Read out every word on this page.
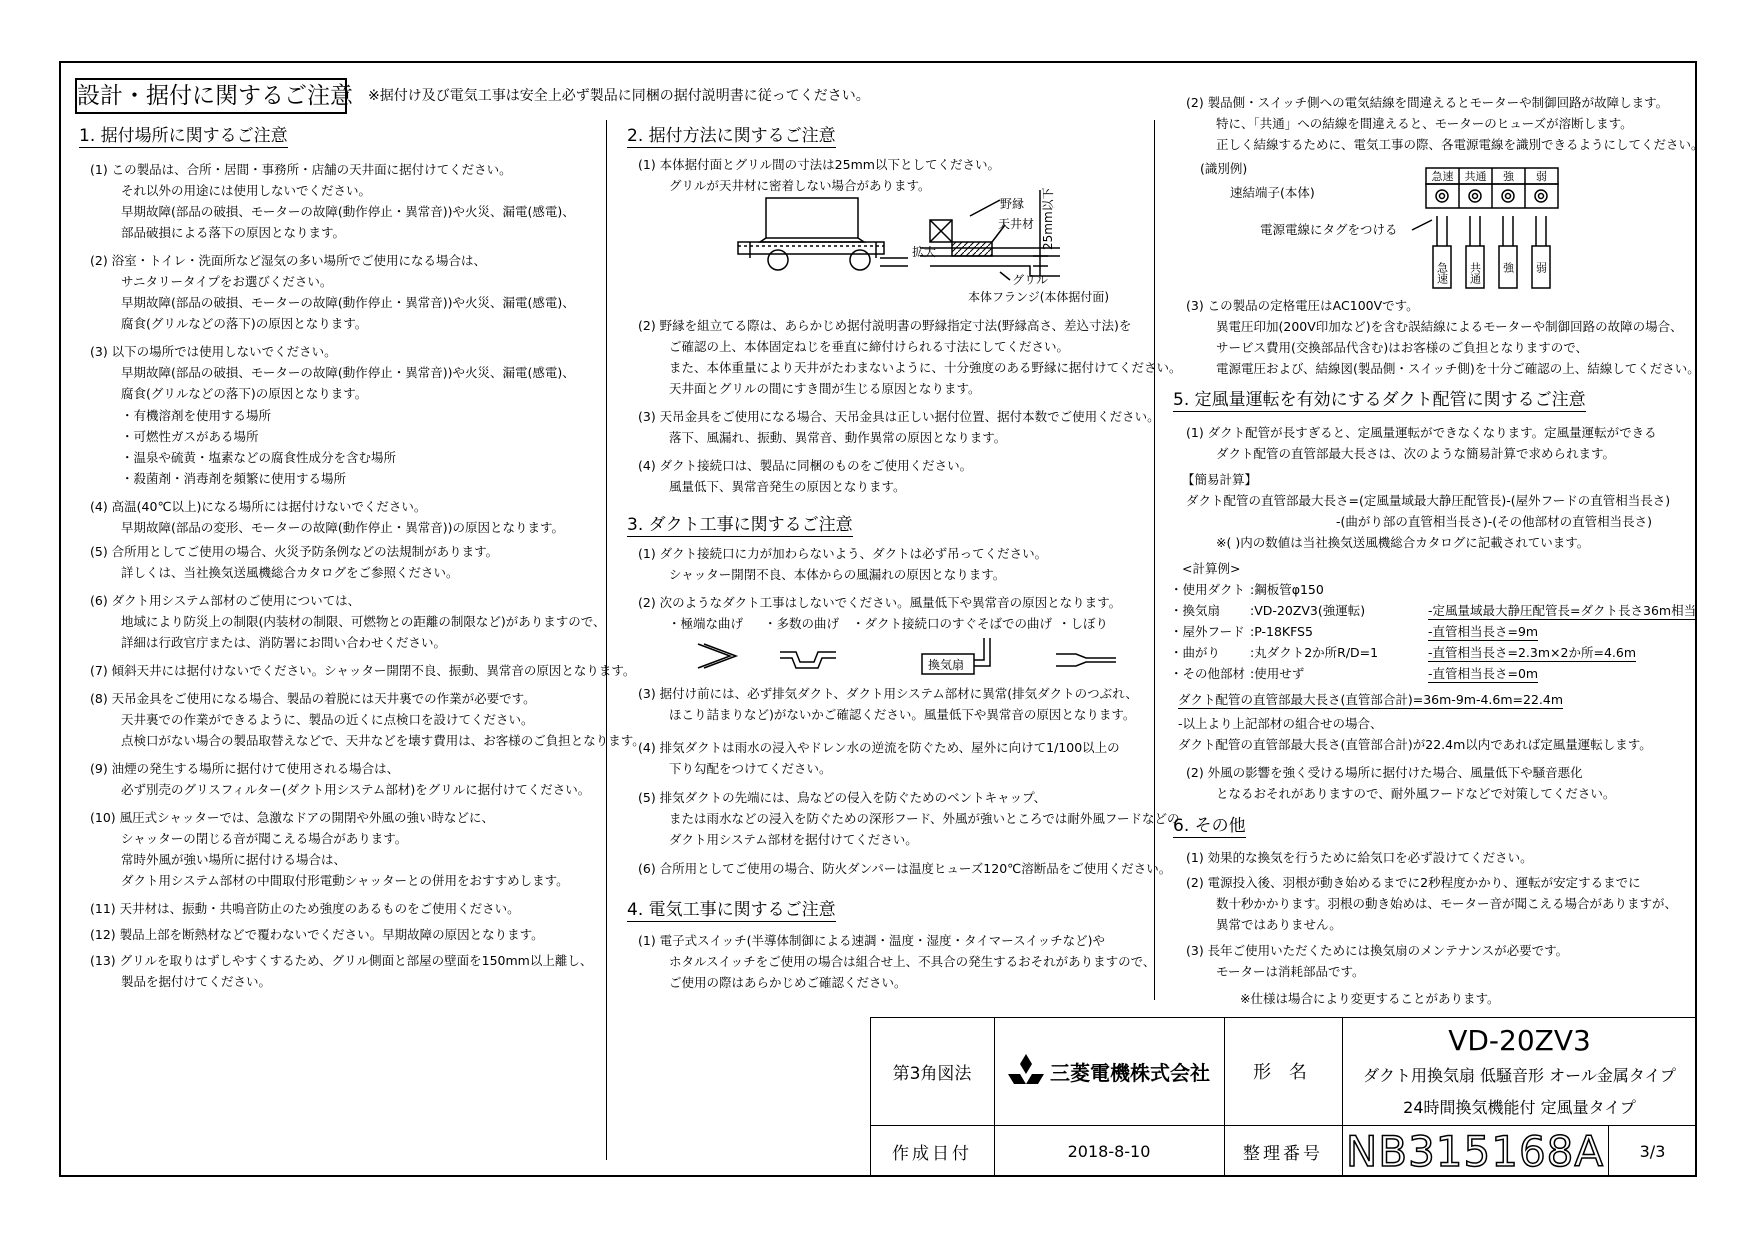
設計・据付に関するご注意 ※据付け及び電気工事は安全上必ず製品に同梱の据付説明書に従ってください。
1. 据付場所に関するご注意
(1) この製品は、合所・居間・事務所・店舗の天井面に据付けてください。
それ以外の用途には使用しないでください。
早期故障(部品の破損、モーターの故障(動作停止・異常音))や火災、漏電(感電)、
部品破損による落下の原因となります。
(2) 浴室・トイレ・洗面所など湿気の多い場所でご使用になる場合は、
サニタリータイプをお選びください。
早期故障(部品の破損、モーターの故障(動作停止・異常音))や火災、漏電(感電)、
腐食(グリルなどの落下)の原因となります。
(3) 以下の場所では使用しないでください。
早期故障(部品の破損、モーターの故障(動作停止・異常音))や火災、漏電(感電)、
腐食(グリルなどの落下)の原因となります。
・有機溶剤を使用する場所
・可燃性ガスがある場所
・温泉や硫黄・塩素などの腐食性成分を含む場所
・殺菌剤・消毒剤を頻繁に使用する場所
(4) 高温(40℃以上)になる場所には据付けないでください。
早期故障(部品の変形、モーターの故障(動作停止・異常音))の原因となります。
(5) 合所用としてご使用の場合、火災予防条例などの法規制があります。
詳しくは、当社換気送風機総合カタログをご参照ください。
(6) ダクト用システム部材のご使用については、
地域により防災上の制限(内装材の制限、可燃物との距離の制限など)がありますので、
詳細は行政官庁または、消防署にお問い合わせください。
(7) 傾斜天井には据付けないでください。シャッター開閉不良、振動、異常音の原因となります。
(8) 天吊金具をご使用になる場合、製品の着脱には天井裏での作業が必要です。
天井裏での作業ができるように、製品の近くに点検口を設けてください。
点検口がない場合の製品取替えなどで、天井などを壊す費用は、お客様のご負担となります。
(9) 油煙の発生する場所に据付けて使用される場合は、
必ず別売のグリスフィルター(ダクト用システム部材)をグリルに据付けてください。
(10) 風圧式シャッターでは、急激なドアの開閉や外風の強い時などに、
シャッターの閉じる音が聞こえる場合があります。
常時外風が強い場所に据付ける場合は、
ダクト用システム部材の中間取付形電動シャッターとの併用をおすすめします。
(11) 天井材は、振動・共鳴音防止のため強度のあるものをご使用ください。
(12) 製品上部を断熱材などで覆わないでください。早期故障の原因となります。
(13) グリルを取りはずしやすくするため、グリル側面と部屋の壁面を150mm以上離し、
製品を据付けてください。
2. 据付方法に関するご注意
(1) 本体据付面とグリル間の寸法は25mm以下としてください。
グリルが天井材に密着しない場合があります。
野縁
天井材
拡大
グリル
本体フランジ(本体据付面)
25mm以下
(2) 野縁を組立てる際は、あらかじめ据付説明書の野縁指定寸法(野縁高さ、差込寸法)を
ご確認の上、本体固定ねじを垂直に締付けられる寸法にしてください。
また、本体重量により天井がたわまないように、十分強度のある野縁に据付けてください。
天井面とグリルの間にすき間が生じる原因となります。
(3) 天吊金具をご使用になる場合、天吊金具は正しい据付位置、据付本数でご使用ください。
落下、風漏れ、振動、異常音、動作異常の原因となります。
(4) ダクト接続口は、製品に同梱のものをご使用ください。
風量低下、異常音発生の原因となります。
3. ダクト工事に関するご注意
(1) ダクト接続口に力が加わらないよう、ダクトは必ず吊ってください。
シャッター開閉不良、本体からの風漏れの原因となります。
(2) 次のようなダクト工事はしないでください。風量低下や異常音の原因となります。
・極端な曲げ ・多数の曲げ ・ダクト接続口のすぐそばでの曲げ ・しぼり
換気扇
(3) 据付け前には、必ず排気ダクト、ダクト用システム部材に異常(排気ダクトのつぶれ、
ほこり詰まりなど)がないかご確認ください。風量低下や異常音の原因となります。
(4) 排気ダクトは雨水の浸入やドレン水の逆流を防ぐため、屋外に向けて1/100以上の
下り勾配をつけてください。
(5) 排気ダクトの先端には、鳥などの侵入を防ぐためのベントキャップ、
または雨水などの浸入を防ぐための深形フード、外風が強いところでは耐外風フードなどの
ダクト用システム部材を据付けてください。
(6) 合所用としてご使用の場合、防火ダンパーは温度ヒューズ120℃溶断品をご使用ください。
4. 電気工事に関するご注意
(1) 電子式スイッチ(半導体制御による速調・温度・湿度・タイマースイッチなど)や
ホタルスイッチをご使用の場合は組合せ上、不具合の発生するおそれがありますので、
ご使用の際はあらかじめご確認ください。
(2) 製品側・スイッチ側への電気結線を間違えるとモーターや制御回路が故障します。
特に、「共通」への結線を間違えると、モーターのヒューズが溶断します。
正しく結線するために、電気工事の際、各電源電線を識別できるようにしてください。
(識別例)
速結端子(本体)
急速 共通 強 弱
急速 共通 強 弱
電源電線にタグをつける
(3) この製品の定格電圧はAC100Vです。
異電圧印加(200V印加など)を含む誤結線によるモーターや制御回路の故障の場合、
サービス費用(交換部品代含む)はお客様のご負担となりますので、
電源電圧および、結線図(製品側・スイッチ側)を十分ご確認の上、結線してください。
5. 定風量運転を有効にするダクト配管に関するご注意
(1) ダクト配管が長すぎると、定風量運転ができなくなります。定風量運転ができる
ダクト配管の直管部最大長さは、次のような簡易計算で求められます。
【簡易計算】
ダクト配管の直管部最大長さ=(定風量域最大静圧配管長)-(屋外フードの直管相当長さ)
-(曲がり部の直管相当長さ)-(その他部材の直管相当長さ)
※( )内の数値は当社換気送風機総合カタログに記載されています。
<計算例>
・使用ダクト :鋼板管φ150
・換気扇 :VD-20ZV3(強運転)	-定風量域最大静圧配管長=ダクト長さ36m相当
・屋外フード :P-18KFS5	-直管相当長さ=9m
・曲がり :丸ダクト2か所R/D=1	-直管相当長さ=2.3m×2か所=4.6m
・その他部材 :使用せず	-直管相当長さ=0m
ダクト配管の直管部最大長さ(直管部合計)=36m-9m-4.6m=22.4m
-以上より上記部材の組合せの場合、
ダクト配管の直管部最大長さ(直管部合計)が22.4m以内であれば定風量運転します。
(2) 外風の影響を強く受ける場所に据付けた場合、風量低下や騒音悪化
となるおそれがありますので、耐外風フードなどで対策してください。
6. その他
(1) 効果的な換気を行うために給気口を必ず設けてください。
(2) 電源投入後、羽根が動き始めるまでに2秒程度かかり、運転が安定するまでに
数十秒かかります。羽根の動き始めは、モーター音が聞こえる場合がありますが、
異常ではありません。
(3) 長年ご使用いただくためには換気扇のメンテナンスが必要です。
モーターは消耗部品です。
※仕様は場合により変更することがあります。
第3角図法	三菱電機株式会社	形 名
VD-20ZV3
ダクト用換気扇 低騒音形 オール金属タイプ
24時間換気機能付 定風量タイプ
作成日付	2018-8-10	整理番号 NB315168A	3/3
